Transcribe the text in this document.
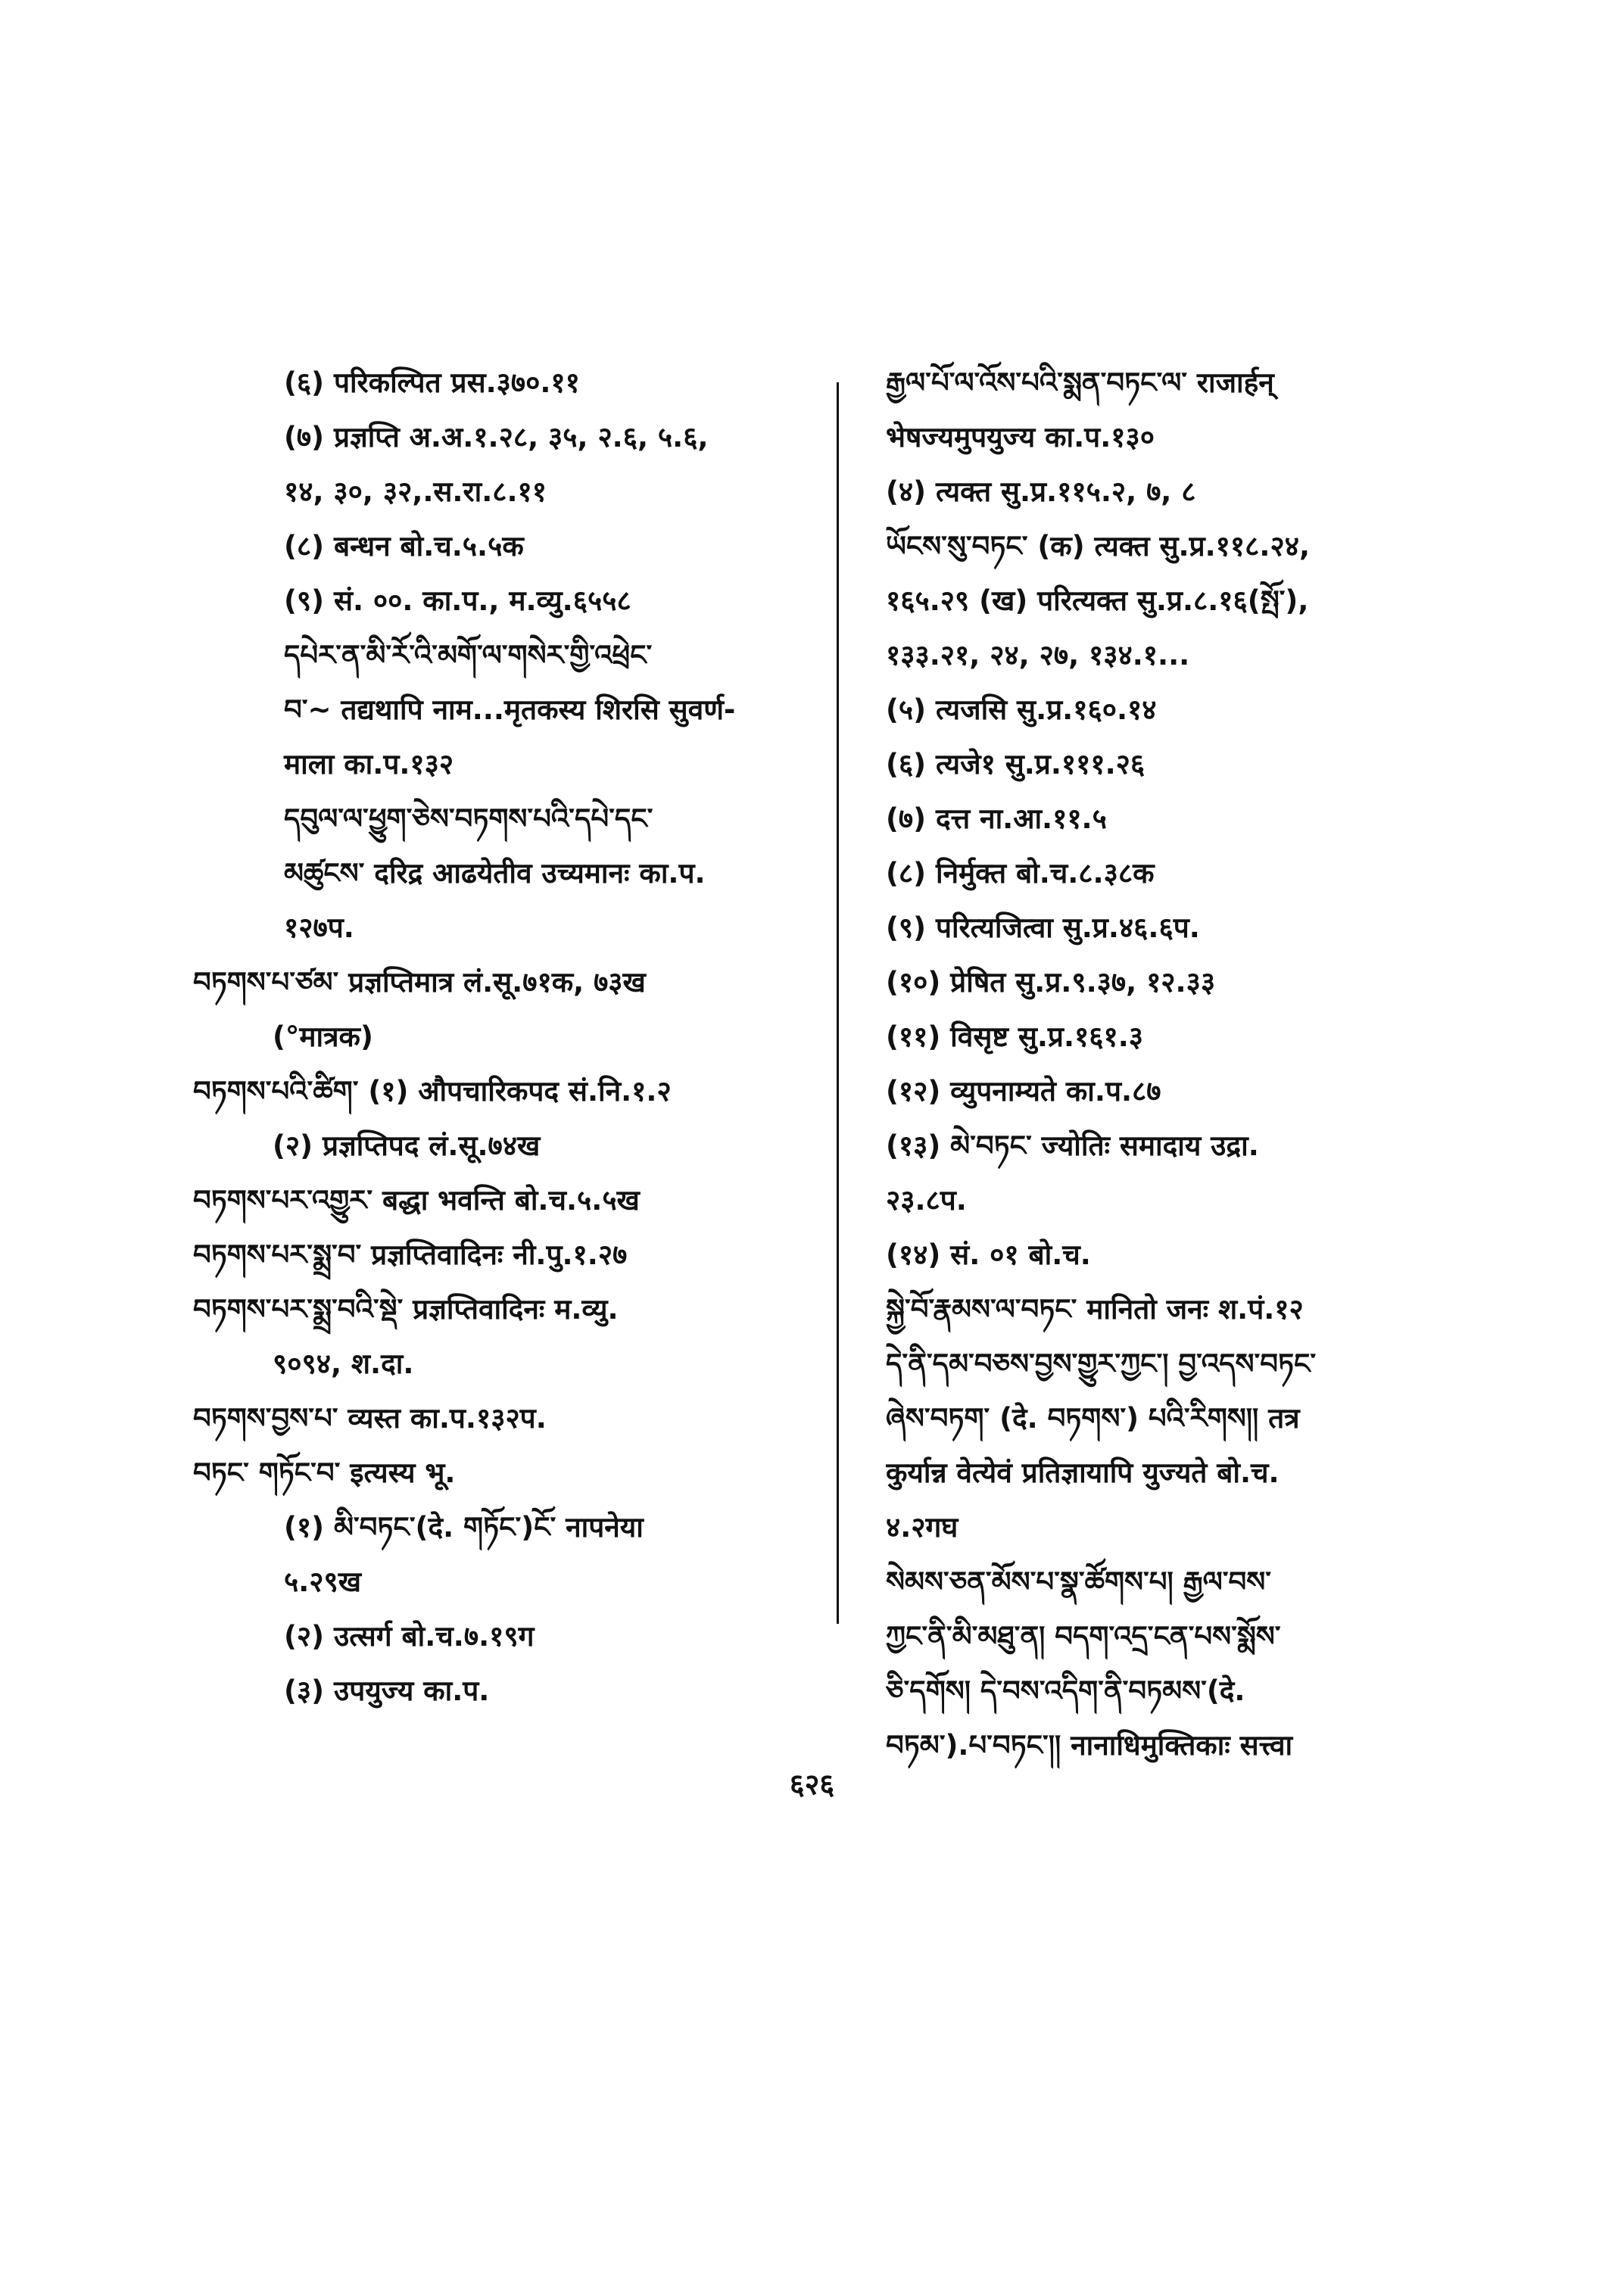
(६) परिकल्पित प्रस.३७०.११
(७) प्रज्ञप्ति अ.अ.१.२८, ३५, २.६, ५.६,
१४, ३०, ३२,.स.रा.८.११
(८) बन्धन बो.च.५.५क
(९) सं. ००. का.प., म.व्यु.६५५८
དཔེར་ན་མི་རོ་འི་མགོ་ལ་གསེར་གྱི་འཕྲེང་
བ་~ तद्यथापि नाम...मृतकस्य शिरसि सुवर्ण-
माला का.प.१३२
དབུལ་ལ་ཕྱུག་ཅེས་བཏགས་པའི་དཔེ་དང་
མཚུངས་ दरिद्र आढयेतीव उच्यमानः का.प.
१२७प.
བཏགས་པ་ཙམ་ प्रज्ञप्तिमात्र लं.सू.७१क, ७३ख
(°मात्रक)
བཏགས་པའི་ཚིག་ (१) औपचारिकपद सं.नि.१.२
(२) प्रज्ञप्तिपद लं.सू.७४ख
བཏགས་པར་འགྱུར་ बद्धा भवन्ति बो.च.५.५ख
བཏགས་པར་སྨྲ་བ་ प्रज्ञप्तिवादिनः नी.पु.१.२७
བཏགས་པར་སྨྲ་བའི་སྡེ་ प्रज्ञप्तिवादिनः म.व्यु.
९०९४, श.दा.
བཏགས་བྱས་པ་ व्यस्त का.प.१३२प.
བཏང་ གཏོང་བ་ इत्यस्य भू.
(१) མི་བཏང་(दे. གཏོང་)ངོ་ नापनेया
५.२९ख
(२) उत्सर्ग बो.च.७.१९ग
(३) उपयुज्य का.प.
རྒྱལ་པོ་ལ་འོས་པའི་སྨན་བཏང་ལ་ राजार्हन्
भेषज्यमुपयुज्य का.प.१३०
(४) त्यक्त सु.प्र.११५.२, ७, ८
ཡོངས་སུ་བཏང་ (क) त्यक्त सु.प्र.११८.२४,
१६५.२९ (ख) परित्यक्त सु.प्र.८.१६(སྤོ་),
१३३.२१, २४, २७, १३४.१...
(५) त्यजसि सु.प्र.१६०.१४
(६) त्यजे१ सु.प्र.१११.२६
(७) दत्त ना.आ.११.५
(८) निर्मुक्त बो.च.८.३८क
(९) परित्यजित्वा सु.प्र.४६.६प.
(१०) प्रेषित सु.प्र.९.३७, १२.३३
(११) विसृष्ट सु.प्र.१६१.३
(१२) व्युपनाम्यते का.प.८७
(१३) མེ་བཏང་ ज्योतिः समादाय उद्रा.
२३.८प.
(१४) सं. ०१ बो.च.
སྐྱེ་བོ་རྣམས་ལ་བཏང་ मानितो जनः श.पं.१२
དེ་ནི་དམ་བཅས་བྱས་གྱུར་ཀྱང་། བྱ་འདས་བཏང་
ཞེས་བཏག་ (दे. བཏགས་) པའི་རིགས།། तत्र
कुर्यान्न वेत्येवं प्रतिज्ञायापि युज्यते बो.च.
४.२गघ
སེམས་ཅན་མོས་པ་སྣ་ཚོགས་པ། རྒྱལ་བས་
ཀྱང་ནི་མི་མཐུ་ན། བདག་འདྲ་ངན་པས་སྨོས་
ཅི་དགོས། དེ་བས་འདིག་ནི་བཏམས་(दे.
བཏམ་).པ་བཏང་།། नानाधिमुक्तिकाः सत्त्वा
६२६
